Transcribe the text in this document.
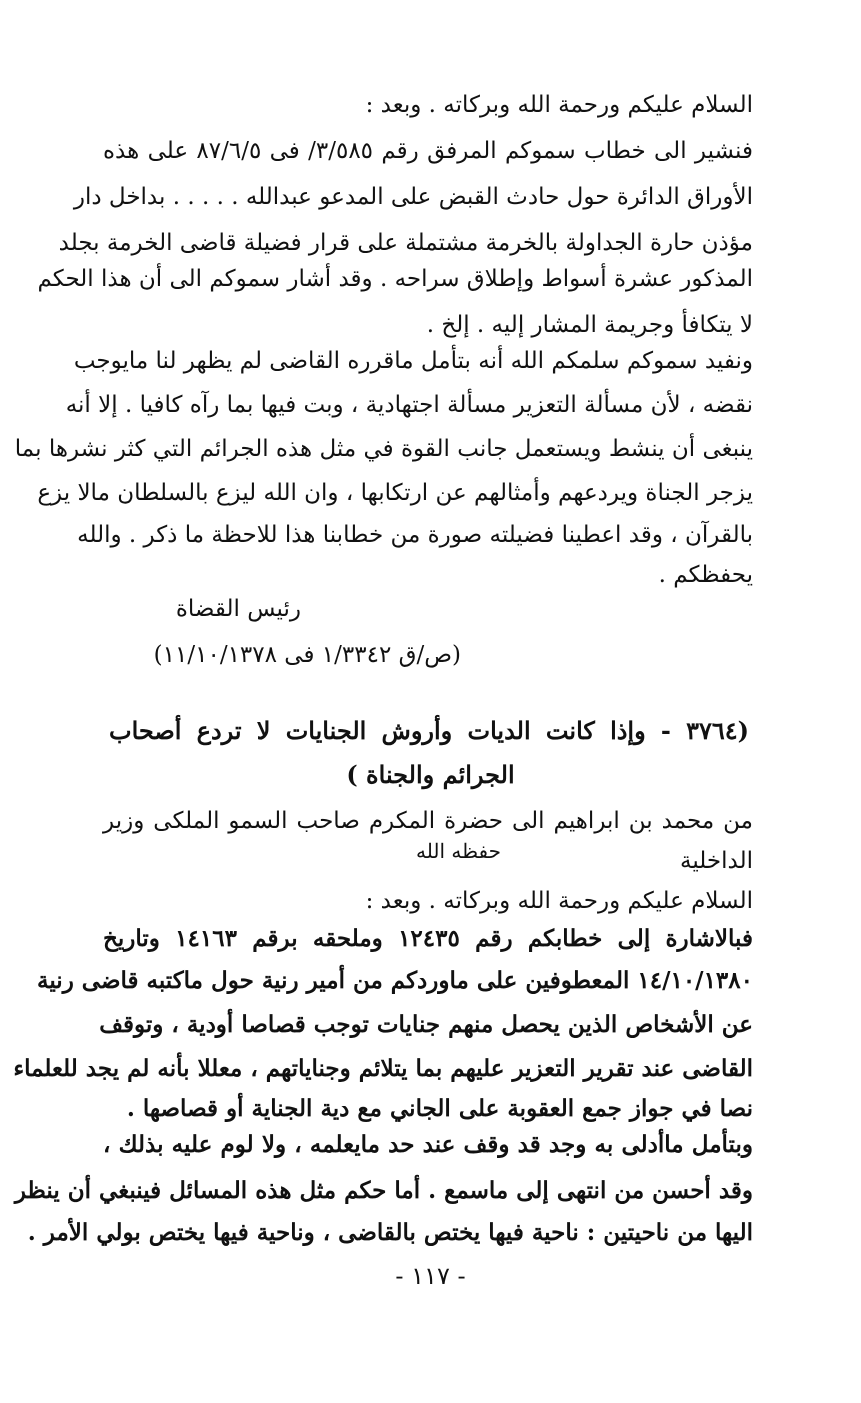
السلام عليكم ورحمة الله وبركاته . وبعد :
فنشير الى خطاب سموكم المرفق رقم ٣/٥٨٥/ فى ٨٧/٦/٥ على هذه
الأوراق الدائرة حول حادث القبض على المدعو عبدالله . . . . . بداخل دار
مؤذن حارة الجداولة بالخرمة مشتملة على قرار فضيلة قاضى الخرمة بجلد
المذكور عشرة أسواط وإطلاق سراحه . وقد أشار سموكم الى أن هذا الحكم
لا يتكافأ وجريمة المشار إليه . إلخ .
ونفيد سموكم سلمكم الله أنه بتأمل ماقرره القاضى لم يظهر لنا مايوجب
نقضه ، لأن مسألة التعزير مسألة اجتهادية ، وبت فيها بما رآه كافيا . إلا أنه
ينبغى أن ينشط ويستعمل جانب القوة في مثل هذه الجرائم التي كثر نشرها بما
يزجر الجناة ويردعهم وأمثالهم عن ارتكابها ، وان الله ليزع بالسلطان مالا يزع
بالقرآن ، وقد اعطينا فضيلته صورة من خطابنا هذا للاحظة ما ذكر . والله
يحفظكم .
رئيس القضاة
(ص/ق ١/٣٣٤٢ فى ١١/١٠/١٣٧٨)
(٣٧٦٤ - وإذا كانت الديات وأروش الجنايات لا تردع أصحاب
الجرائم والجناة )
من محمد بن ابراهيم الى حضرة المكرم صاحب السمو الملكى وزير
الداخلية
حفظه الله
السلام عليكم ورحمة الله وبركاته . وبعد :
فبالاشارة إلى خطابكم رقم ١٢٤٣٥ وملحقه برقم ١٤١٦٣ وتاريخ
١٤/١٠/١٣٨٠ المعطوفين على ماوردكم من أمير رنية حول ماكتبه قاضى رنية
عن الأشخاص الذين يحصل منهم جنايات توجب قصاصا أودية ، وتوقف
القاضى عند تقرير التعزير عليهم بما يتلائم وجناياتهم ، معللا بأنه لم يجد للعلماء
نصا في جواز جمع العقوبة على الجاني مع دية الجناية أو قصاصها .
وبتأمل ماأدلى به وجد قد وقف عند حد مايعلمه ، ولا لوم عليه بذلك ،
وقد أحسن من انتهى إلى ماسمع . أما حكم مثل هذه المسائل فينبغي أن ينظر
اليها من ناحيتين : ناحية فيها يختص بالقاضى ، وناحية فيها يختص بولي الأمر .
- ١١٧ -
